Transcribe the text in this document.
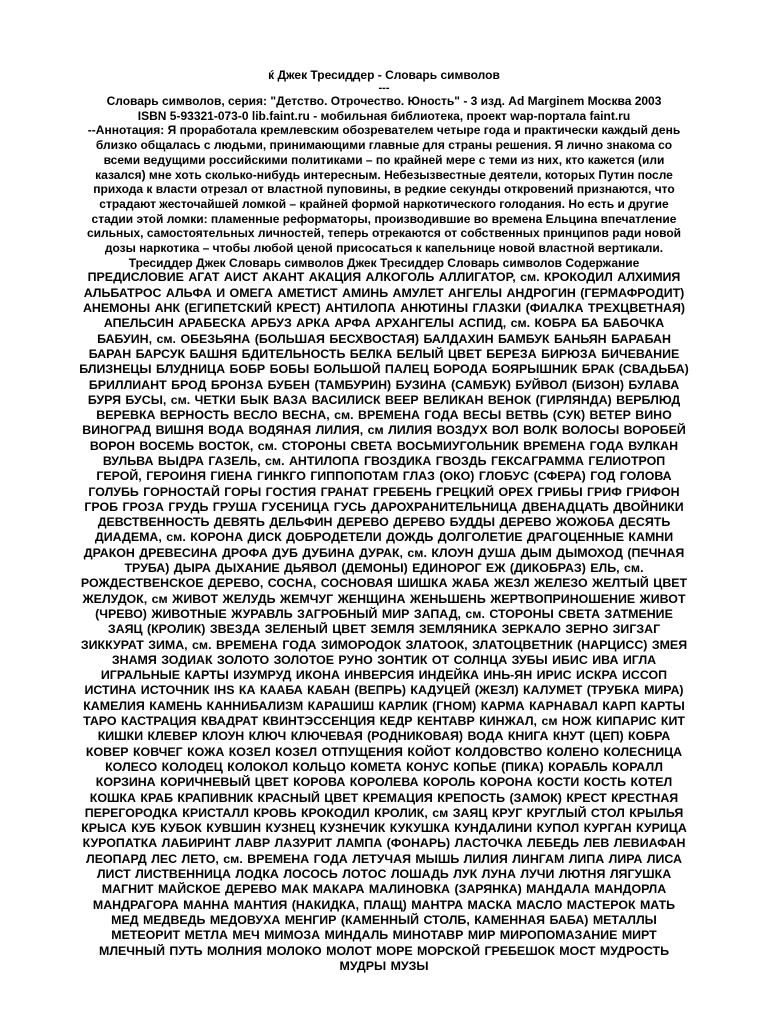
ќ Джек Тресиддер - Словарь символов

---

Словарь символов, серия: "Детство. Отрочество. Юность" - 3 изд. Ad Marginem Москва 2003

ISBN 5-93321-073-0 lib.faint.ru - мобильная библиотека, проект wap-портала faint.ru

--Аннотация: Я проработала кремлевским обозревателем четыре года и практически каждый день близко общалась с людьми, принимающими главные для страны решения. Я лично знакома со всеми ведущими российскими политиками – по крайней мере с теми из них, кто кажется (или казался) мне хоть сколько-нибудь интересным. Небезызвестные деятели, которых Путин после прихода к власти отрезал от властной пуповины, в редкие секунды откровений признаются, что страдают жесточайшей ломкой – крайней формой наркотического голодания. Но есть и другие стадии этой ломки: пламенные реформаторы, производившие во времена Ельцина впечатление сильных, самостоятельных личностей, теперь отрекаются от собственных принципов ради новой дозы наркотика – чтобы любой ценой присосаться к капельнице новой властной вертикали. Тресиддер Джек Словарь символов Джек Тресиддер Словарь символов Содержание

ПРЕДИСЛОВИЕ АГАТ АИСТ АКАНТ АКАЦИЯ АЛКОГОЛЬ АЛЛИГАТОР, см. КРОКОДИЛ АЛХИМИЯ АЛЬБАТРОС АЛЬФА И ОМЕГА АМЕТИСТ АМИНЬ АМУЛЕТ АНГЕЛЫ АНДРОГИН (ГЕРМАФРОДИТ) АНЕМОНЫ АНК (ЕГИПЕТСКИЙ КРЕСТ) АНТИЛОПА АНЮТИНЫ ГЛАЗКИ (ФИАЛКА ТРЕХЦВЕТНАЯ) АПЕЛЬСИН АРАБЕСКА АРБУЗ АРКА АРФА АРХАНГЕЛЫ АСПИД, см. КОБРА БА БАБОЧКА БАБУИН, см. ОБЕЗЬЯНА (БОЛЬШАЯ БЕСХВОСТАЯ) БАЛДАХИН БАМБУК БАНЬЯН БАРАБАН БАРАН БАРСУК БАШНЯ БДИТЕЛЬНОСТЬ БЕЛКА БЕЛЫЙ ЦВЕТ БЕРЕЗА БИРЮЗА БИЧЕВАНИЕ БЛИЗНЕЦЫ БЛУДНИЦА БОБР БОБЫ БОЛЬШОЙ ПАЛЕЦ БОРОДА БОЯРЫШНИК БРАК (СВАДЬБА) БРИЛЛИАНТ БРОД БРОНЗА БУБЕН (ТАМБУРИН) БУЗИНА (САМБУК) БУЙВОЛ (БИЗОН) БУЛАВА БУРЯ БУСЫ, см. ЧЕТКИ БЫК ВАЗА ВАСИЛИСК ВЕЕР ВЕЛИКАН ВЕНОК (ГИРЛЯНДА) ВЕРБЛЮД ВЕРЕВКА ВЕРНОСТЬ ВЕСЛО ВЕСНА, см. ВРЕМЕНА ГОДА ВЕСЫ ВЕТВЬ (СУК) ВЕТЕР ВИНО ВИНОГРАД ВИШНЯ ВОДА ВОДЯНАЯ ЛИЛИЯ, см ЛИЛИЯ ВОЗДУХ ВОЛ ВОЛК ВОЛОСЫ ВОРОБЕЙ ВОРОН ВОСЕМЬ ВОСТОК, см. СТОРОНЫ СВЕТА ВОСЬМИУГОЛЬНИК ВРЕМЕНА ГОДА ВУЛКАН ВУЛЬВА ВЫДРА ГАЗЕЛЬ, см. АНТИЛОПА ГВОЗДИКА ГВОЗДЬ ГЕКСАГРАММА ГЕЛИОТРОП ГЕРОЙ, ГЕРОИНЯ ГИЕНА ГИНКГО ГИППОПОТАМ ГЛАЗ (ОКО) ГЛОБУС (СФЕРА) ГОД ГОЛОВА ГОЛУБЬ ГОРНОСТАЙ ГОРЫ ГОСТИЯ ГРАНАТ ГРЕБЕНЬ ГРЕЦКИЙ ОРЕХ ГРИБЫ ГРИФ ГРИФОН ГРОБ ГРОЗА ГРУДЬ ГРУША ГУСЕНИЦА ГУСЬ ДАРОХРАНИТЕЛЬНИЦА ДВЕНАДЦАТЬ ДВОЙНИКИ ДЕВСТВЕННОСТЬ ДЕВЯТЬ ДЕЛЬФИН ДЕРЕВО ДЕРЕВО БУДДЫ ДЕРЕВО ЖОЖОБА ДЕСЯТЬ ДИАДЕМА, см. КОРОНА ДИСК ДОБРОДЕТЕЛИ ДОЖДЬ ДОЛГОЛЕТИЕ ДРАГОЦЕННЫЕ КАМНИ ДРАКОН ДРЕВЕСИНА ДРОФА ДУБ ДУБИНА ДУРАК, см. КЛОУН ДУША ДЫМ ДЫМОХОД (ПЕЧНАЯ ТРУБА) ДЫРА ДЫХАНИЕ ДЬЯВОЛ (ДЕМОНЫ) ЕДИНОРОГ ЕЖ (ДИКОБРАЗ) ЕЛЬ, см. РОЖДЕСТВЕНСКОЕ ДЕРЕВО, СОСНА, СОСНОВАЯ ШИШКА ЖАБА ЖЕЗЛ ЖЕЛЕЗО ЖЕЛТЫЙ ЦВЕТ ЖЕЛУДОК, см ЖИВОТ ЖЕЛУДЬ ЖЕМЧУГ ЖЕНЩИНА ЖЕНЬШЕНЬ ЖЕРТВОПРИНОШЕНИЕ ЖИВОТ (ЧРЕВО) ЖИВОТНЫЕ ЖУРАВЛЬ ЗАГРОБНЫЙ МИР ЗАПАД, см. СТОРОНЫ СВЕТА ЗАТМЕНИЕ ЗАЯЦ (КРОЛИК) ЗВЕЗДА ЗЕЛЕНЫЙ ЦВЕТ ЗЕМЛЯ ЗЕМЛЯНИКА ЗЕРКАЛО ЗЕРНО ЗИГЗАГ ЗИККУРАТ ЗИМА, см. ВРЕМЕНА ГОДА ЗИМОРОДОК ЗЛАТООК, ЗЛАТОЦВЕТНИК (НАРЦИСС) ЗМЕЯ ЗНАМЯ ЗОДИАК ЗОЛОТО ЗОЛОТОЕ РУНО ЗОНТИК ОТ СОЛНЦА ЗУБЫ ИБИС ИВА ИГЛА ИГРАЛЬНЫЕ КАРТЫ ИЗУМРУД ИКОНА ИНВЕРСИЯ ИНДЕЙКА ИНЬ-ЯН ИРИС ИСКРА ИССОП ИСТИНА ИСТОЧНИК IHS КА КААБА КАБАН (ВЕПРЬ) КАДУЦЕЙ (ЖЕЗЛ) КАЛУМЕТ (ТРУБКА МИРА) КАМЕЛИЯ КАМЕНЬ КАННИБАЛИЗМ КАРАШИШ КАРЛИК (ГНОМ) КАРМА КАРНАВАЛ КАРП КАРТЫ ТАРО КАСТРАЦИЯ КВАДРАТ КВИНТЭССЕНЦИЯ КЕДР КЕНТАВР КИНЖАЛ, см НОЖ КИПАРИС КИТ КИШКИ КЛЕВЕР КЛОУН КЛЮЧ КЛЮЧЕВАЯ (РОДНИКОВАЯ) ВОДА КНИГА КНУТ (ЦЕП) КОБРА КОВЕР КОВЧЕГ КОЖА КОЗЕЛ КОЗЕЛ ОТПУЩЕНИЯ КОЙОТ КОЛДОВСТВО КОЛЕНО КОЛЕСНИЦА КОЛЕСО КОЛОДЕЦ КОЛОКОЛ КОЛЬЦО КОМЕТА КОНУС КОПЬЕ (ПИКА) КОРАБЛЬ КОРАЛЛ КОРЗИНА КОРИЧНЕВЫЙ ЦВЕТ КОРОВА КОРОЛЕВА КОРОЛЬ КОРОНА КОСТИ КОСТЬ КОТЕЛ КОШКА КРАБ КРАПИВНИК КРАСНЫЙ ЦВЕТ КРЕМАЦИЯ КРЕПОСТЬ (ЗАМОК) КРЕСТ КРЕСТНАЯ ПЕРЕГОРОДКА КРИСТАЛЛ КРОВЬ КРОКОДИЛ КРОЛИК, см ЗАЯЦ КРУГ КРУГЛЫЙ СТОЛ КРЫЛЬЯ КРЫСА КУБ КУБОК КУВШИН КУЗНЕЦ КУЗНЕЧИК КУКУШКА КУНДАЛИНИ КУПОЛ КУРГАН КУРИЦА КУРОПАТКА ЛАБИРИНТ ЛАВР ЛАЗУРИТ ЛАМПА (ФОНАРЬ) ЛАСТОЧКА ЛЕБЕДЬ ЛЕВ ЛЕВИАФАН ЛЕОПАРД ЛЕС ЛЕТО, см. ВРЕМЕНА ГОДА ЛЕТУЧАЯ МЫШЬ ЛИЛИЯ ЛИНГАМ ЛИПА ЛИРА ЛИСА ЛИСТ ЛИСТВЕННИЦА ЛОДКА ЛОСОСЬ ЛОТОС ЛОШАДЬ ЛУК ЛУНА ЛУЧИ ЛЮТНЯ ЛЯГУШКА МАГНИТ МАЙСКОЕ ДЕРЕВО МАК МАКАРА МАЛИНОВКА (ЗАРЯНКА) МАНДАЛА МАНДОРЛА МАНДРАГОРА МАННА МАНТИЯ (НАКИДКА, ПЛАЩ) МАНТРА МАСКА МАСЛО МАСТЕРОК МАТЬ МЕД МЕДВЕДЬ МЕДОВУХА МЕНГИР (КАМЕННЫЙ СТОЛБ, КАМЕННАЯ БАБА) МЕТАЛЛЫ МЕТЕОРИТ МЕТЛА МЕЧ МИМОЗА МИНДАЛЬ МИНОТАВР МИР МИРОПОМАЗАНИЕ МИРТ МЛЕЧНЫЙ ПУТЬ МОЛНИЯ МОЛОКО МОЛОТ МОРЕ МОРСКОЙ ГРЕБЕШОК МОСТ МУДРОСТЬ МУДРЫ МУЗЫ
